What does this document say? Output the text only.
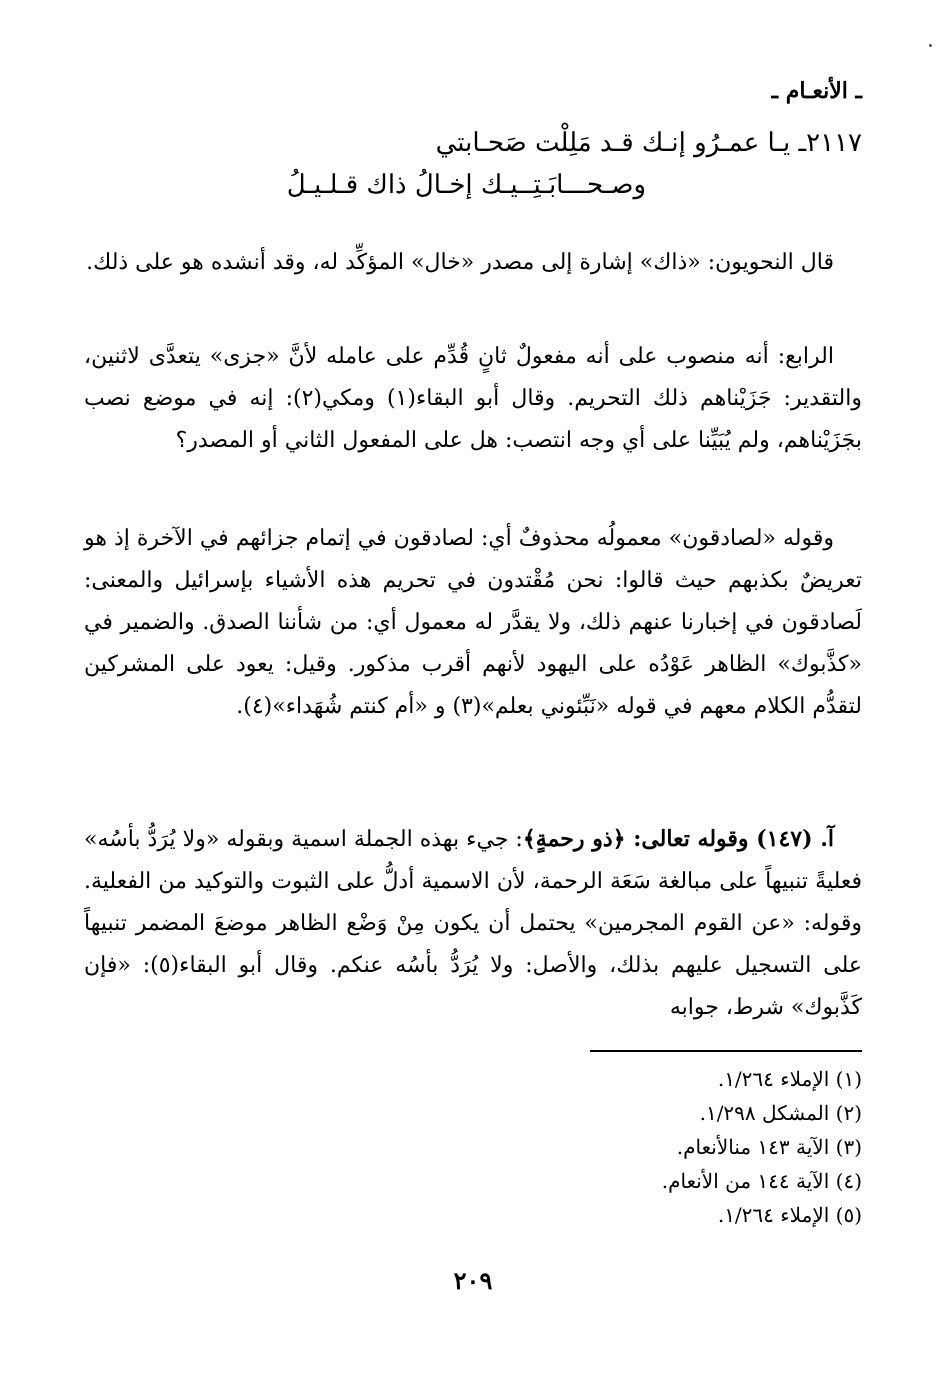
ـ الأنعـام ـ
٢١١٧ـ يـا عمـرُو إنـك قـد مَلِلْت صَحـابتي
وصـحـــابَـتِــيـك إخـالُ ذاك قـلـيـلُ

قال النحويون: «ذاك» إشارة إلى مصدر «خال» المؤكِّد له، وقد أنشده هو على ذلك.

الرابع: أنه منصوب على أنه مفعولٌ ثانٍ قُدِّم على عامله لأنَّ «جزى» يتعدَّى لاثنين، والتقدير: جَزَيْناهم ذلك التحريم. وقال أبو البقاء(١) ومكي(٢): إنه في موضع نصب بجَزَيْناهم، ولم يُبَيِّنا على أي وجه انتصب: هل على المفعول الثاني أو المصدر؟

وقوله «لصادقون» معمولُه محذوفٌ أي: لصادقون في إتمام جزائهم في الآخرة إذ هو تعريضٌ بكذبهم حيث قالوا: نحن مُقْتدون في تحريم هذه الأشياء بإسرائيل والمعنى: لَصادقون في إخبارنا عنهم ذلك، ولا يقدَّر له معمول أي: من شأننا الصدق. والضمير في «كذَّبوك» الظاهر عَوْدُه على اليهود لأنهم أقرب مذكور. وقيل: يعود على المشركين لتقدُّم الكلام معهم في قوله «نَبِّئوني بعلم»(٣) و «أم كنتم شُهَداء»(٤).

آ. (١٤٧) وقوله تعالى: ﴿ذو رحمةٍ﴾: جيء بهذه الجملة اسمية وبقوله «ولا يُرَدُّ بأسُه» فعليةً تنبيهاً على مبالغة سَعَة الرحمة، لأن الاسمية أدلُّ على الثبوت والتوكيد من الفعلية. وقوله: «عن القوم المجرمين» يحتمل أن يكون مِنْ وَضْع الظاهر موضعَ المضمر تنبيهاً على التسجيل عليهم بذلك، والأصل: ولا يُرَدُّ بأسُه عنكم. وقال أبو البقاء(٥): «فإن كَذَّبوك» شرط، جوابه

(١) الإملاء ١/٢٦٤.
(٢) المشكل ١/٢٩٨.
(٣) الآية ١٤٣ منالأنعام.
(٤) الآية ١٤٤ من الأنعام.
(٥) الإملاء ١/٢٦٤.
٢٠٩
